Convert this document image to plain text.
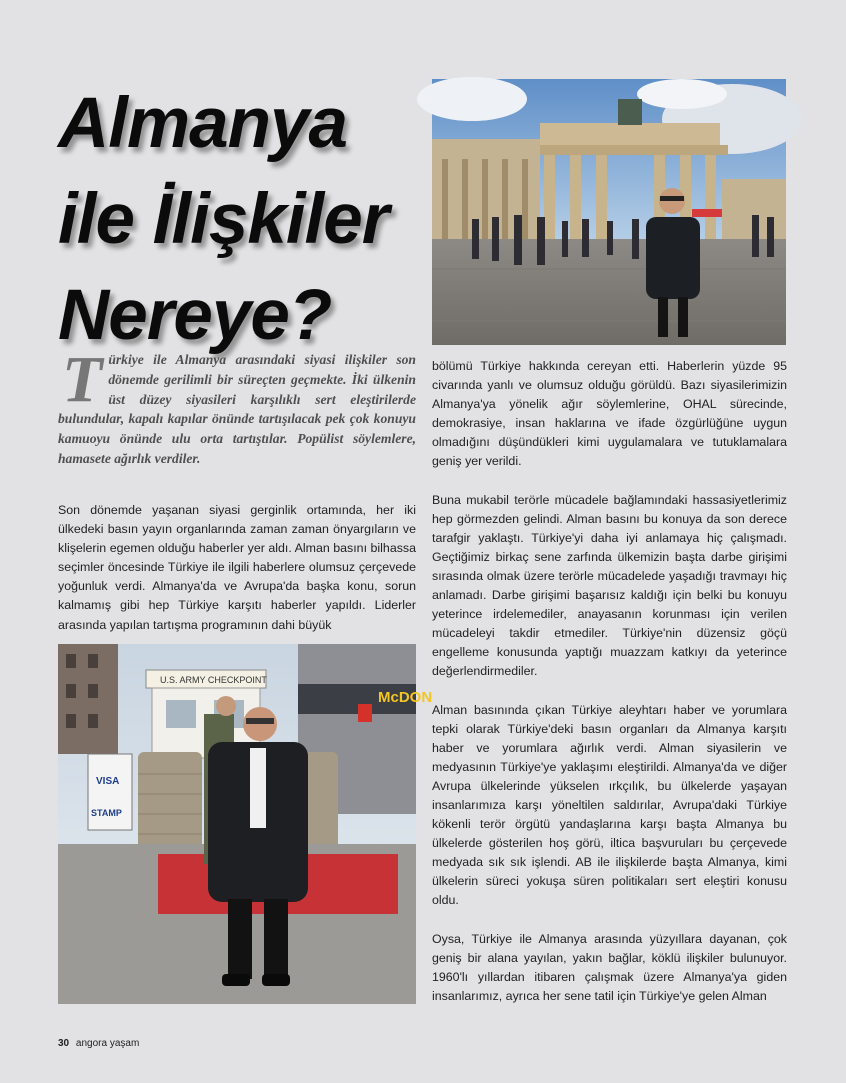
Almanya
ile İlişkiler
Nereye?
T ürkiye ile Almanya arasındaki siyasi ilişkiler son dönemde gerilimli bir süreçten geçmekte. İki ülkenin üst düzey siyasileri karşılıklı sert eleştirilerde bulundular, kapalı kapılar önünde tartışılacak pek çok konuyu kamuoyu önünde ulu orta tartıştılar. Popülist söylemlere, hamasete ağırlık verdiler.

Son dönemde yaşanan siyasi gerginlik ortamında, her iki ülkedeki basın yayın organlarında zaman zaman önyargıların ve klişelerin egemen olduğu haberler yer aldı. Alman basını bilhassa seçimler öncesinde Türkiye ile ilgili haberlere olumsuz çerçevede yoğunluk verdi. Almanya'da ve Avrupa'da başka konu, sorun kalmamış gibi hep Türkiye karşıtı haberler yapıldı. Liderler arasında yapılan tartışma programının dahi büyük

bölümü Türkiye hakkında cereyan etti. Haberlerin yüzde 95 civarında yanlı ve olumsuz olduğu görüldü. Bazı siyasilerimizin Almanya'ya yönelik ağır söylemlerine, OHAL sürecinde, demokrasiye, insan haklarına ve ifade özgürlüğüne uygun olmadığını düşündükleri kimi uygulamalara ve tutuklamalara geniş yer verildi.

Buna mukabil terörle mücadele bağlamındaki hassasiyetlerimiz hep görmezden gelindi. Alman basını bu konuya da son derece tarafgir yaklaştı. Türkiye'yi daha iyi anlamaya hiç çalışmadı. Geçtiğimiz birkaç sene zarfında ülkemizin başta darbe girişimi sırasında olmak üzere terörle mücadelede yaşadığı travmayı hiç anlamadı. Darbe girişimi başarısız kaldığı için belki bu konuyu yeterince irdelemediler, anayasanın korunması için verilen mücadeleyi takdir etmediler. Türkiye'nin düzensiz göçü engelleme konusunda yaptığı muazzam katkıyı da yeterince değerlendirmediler.

Alman basınında çıkan Türkiye aleyhtarı haber ve yorumlara tepki olarak Türkiye'deki basın organları da Almanya karşıtı haber ve yorumlara ağırlık verdi. Alman siyasilerin ve medyasının Türkiye'ye yaklaşımı eleştirildi. Almanya'da ve diğer Avrupa ülkelerinde yükselen ırkçılık, bu ülkelerde yaşayan insanlarımıza karşı yöneltilen saldırılar, Avrupa'daki Türkiye kökenli terör örgütü yandaşlarına karşı başta Almanya bu ülkelerde gösterilen hoş görü, iltica başvuruları bu çerçevede medyada sık sık işlendi. AB ile ilişkilerde başta Almanya, kimi ülkelerin süreci yokuşa süren politikaları sert eleştiri konusu oldu.

Oysa, Türkiye ile Almanya arasında yüzyıllara dayanan, çok geniş bir alana yayılan, yakın bağlar, köklü ilişkiler bulunuyor. 1960'lı yıllardan itibaren çalışmak üzere Almanya'ya giden insanlarımız, ayrıca her sene tatil için Türkiye'ye gelen Alman

McDON
U.S. ARMY CHECKPOINT
VISA
STAMP
30 angora yaşam
